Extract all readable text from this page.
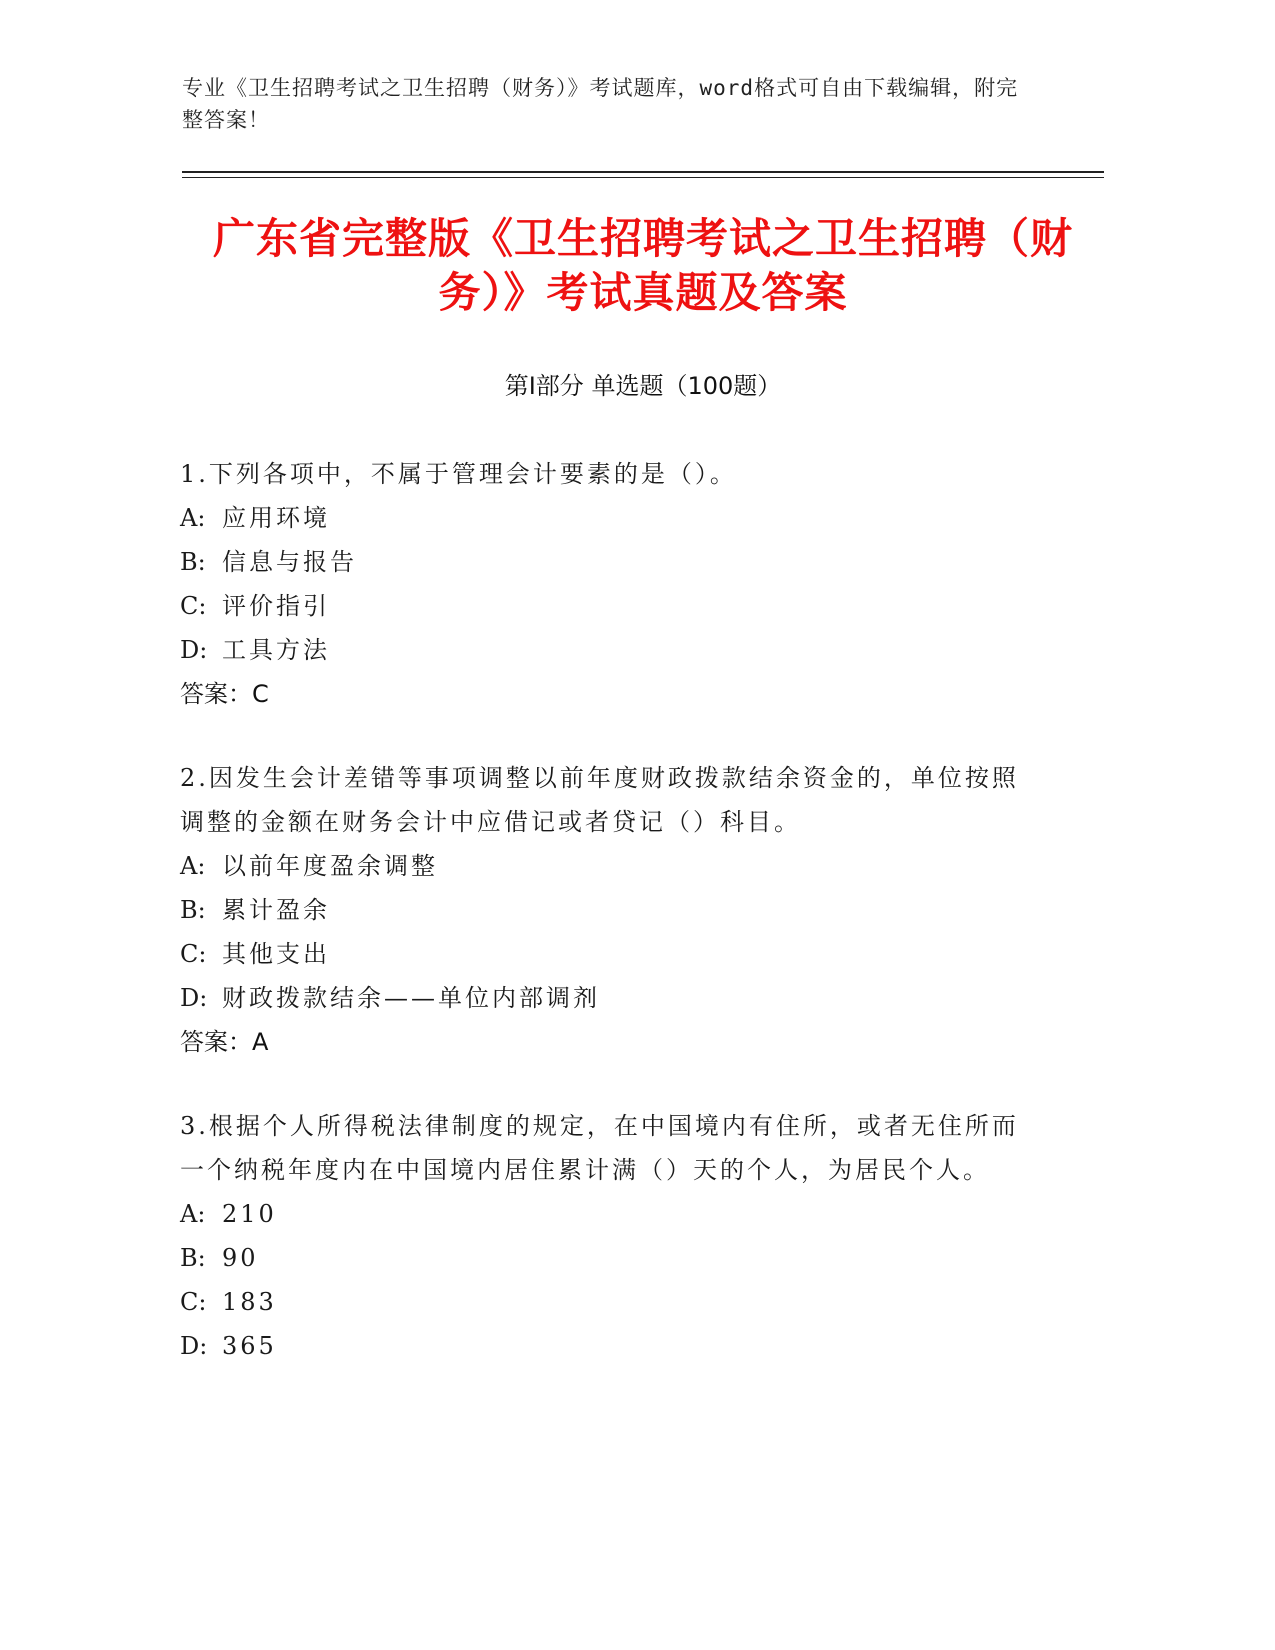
专业《卫生招聘考试之卫生招聘（财务）》考试题库，word格式可自由下载编辑，附完整答案！
广东省完整版《卫生招聘考试之卫生招聘（财务）》考试真题及答案
第Ⅰ部分 单选题（100题）

1.下列各项中，不属于管理会计要素的是（）。

A: 应用环境

B: 信息与报告

C: 评价指引

D: 工具方法

答案：C

2.因发生会计差错等事项调整以前年度财政拨款结余资金的，单位按照调整的金额在财务会计中应借记或者贷记（）科目。

A: 以前年度盈余调整

B: 累计盈余

C: 其他支出

D: 财政拨款结余——单位内部调剂

答案：A

3.根据个人所得税法律制度的规定，在中国境内有住所，或者无住所而一个纳税年度内在中国境内居住累计满（）天的个人，为居民个人。

A: 210

B: 90

C: 183

D: 365
